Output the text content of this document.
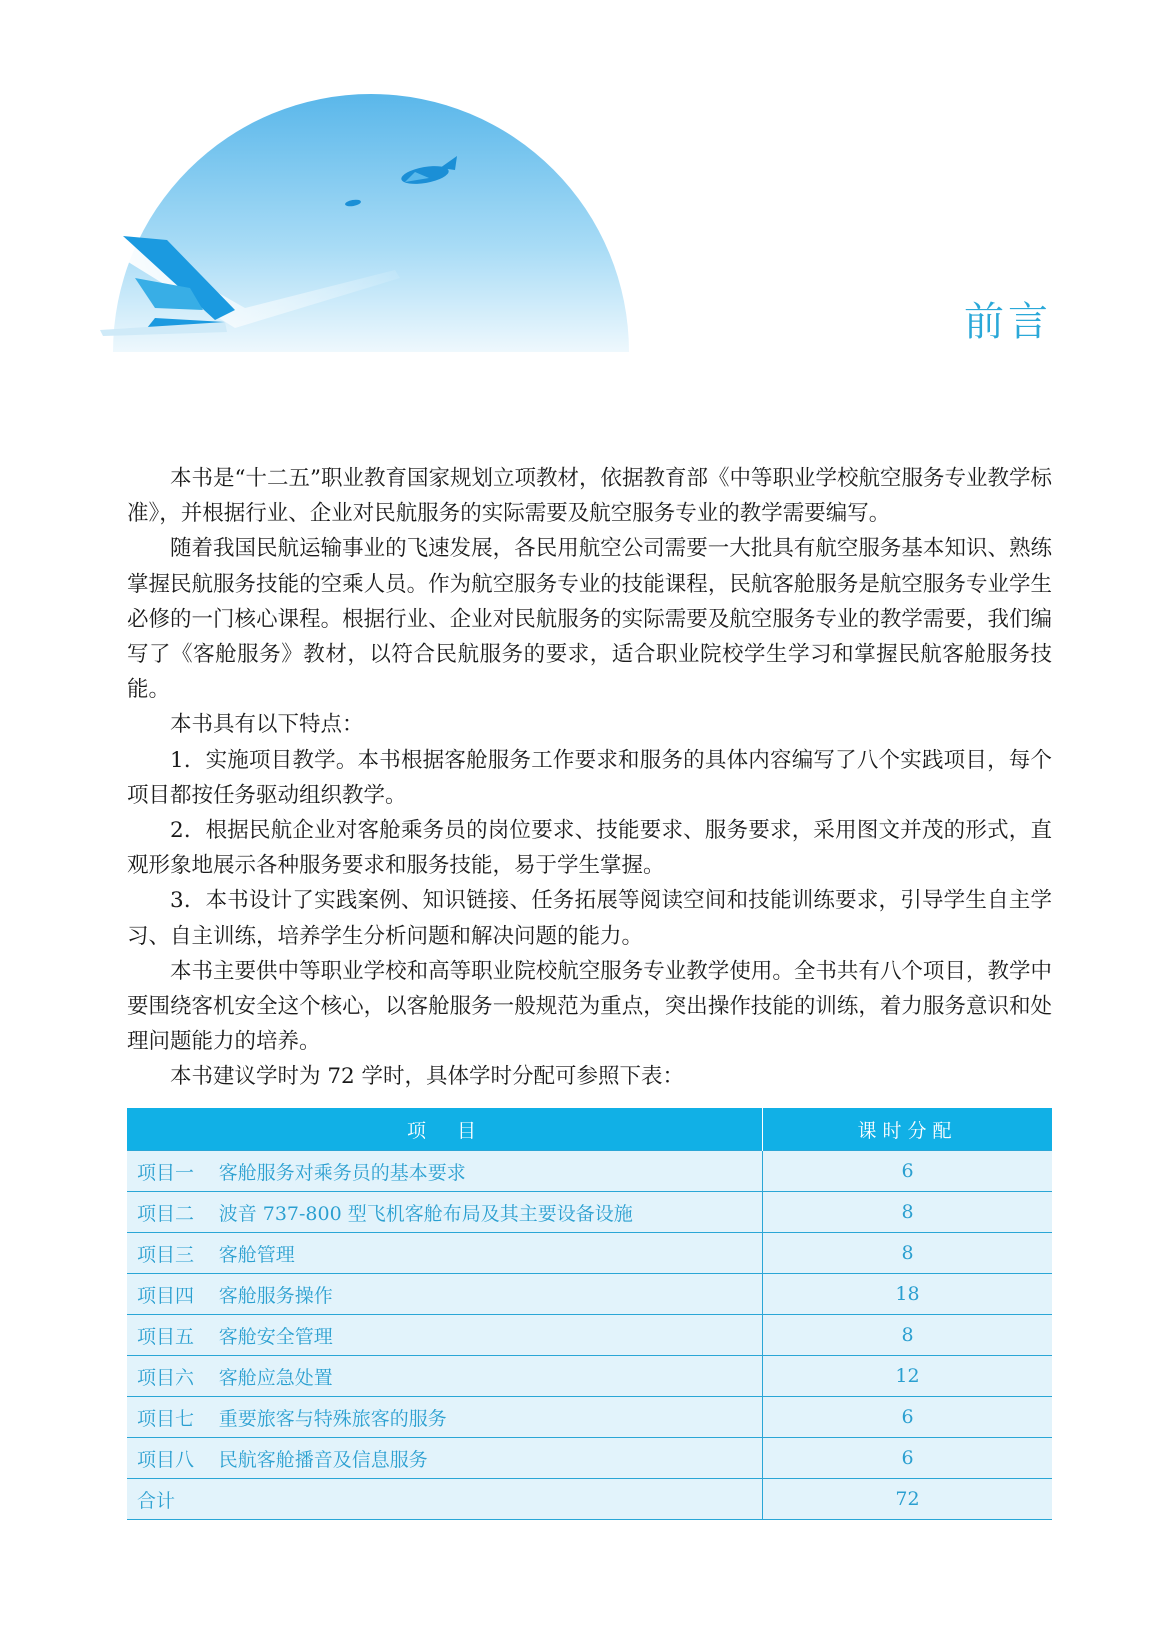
前言

本书是“十二五”职业教育国家规划立项教材，依据教育部《中等职业学校航空服务专业教学标准》，并根据行业、企业对民航服务的实际需要及航空服务专业的教学需要编写。

随着我国民航运输事业的飞速发展，各民用航空公司需要一大批具有航空服务基本知识、熟练掌握民航服务技能的空乘人员。作为航空服务专业的技能课程，民航客舱服务是航空服务专业学生必修的一门核心课程。根据行业、企业对民航服务的实际需要及航空服务专业的教学需要，我们编写了《客舱服务》教材，以符合民航服务的要求，适合职业院校学生学习和掌握民航客舱服务技能。

本书具有以下特点：

1．实施项目教学。本书根据客舱服务工作要求和服务的具体内容编写了八个实践项目，每个项目都按任务驱动组织教学。

2．根据民航企业对客舱乘务员的岗位要求、技能要求、服务要求，采用图文并茂的形式，直观形象地展示各种服务要求和服务技能，易于学生掌握。

3．本书设计了实践案例、知识链接、任务拓展等阅读空间和技能训练要求，引导学生自主学习、自主训练，培养学生分析问题和解决问题的能力。

本书主要供中等职业学校和高等职业院校航空服务专业教学使用。全书共有八个项目，教学中要围绕客机安全这个核心，以客舱服务一般规范为重点，突出操作技能的训练，着力服务意识和处理问题能力的培养。

本书建议学时为 72 学时，具体学时分配可参照下表：

项　目	课时分配
项目一 客舱服务对乘务员的基本要求	6
项目二 波音 737-800 型飞机客舱布局及其主要设备设施	8
项目三 客舱管理	8
项目四 客舱服务操作	18
项目五 客舱安全管理	8
项目六 客舱应急处置	12
项目七 重要旅客与特殊旅客的服务	6
项目八 民航客舱播音及信息服务	6
合计	72
